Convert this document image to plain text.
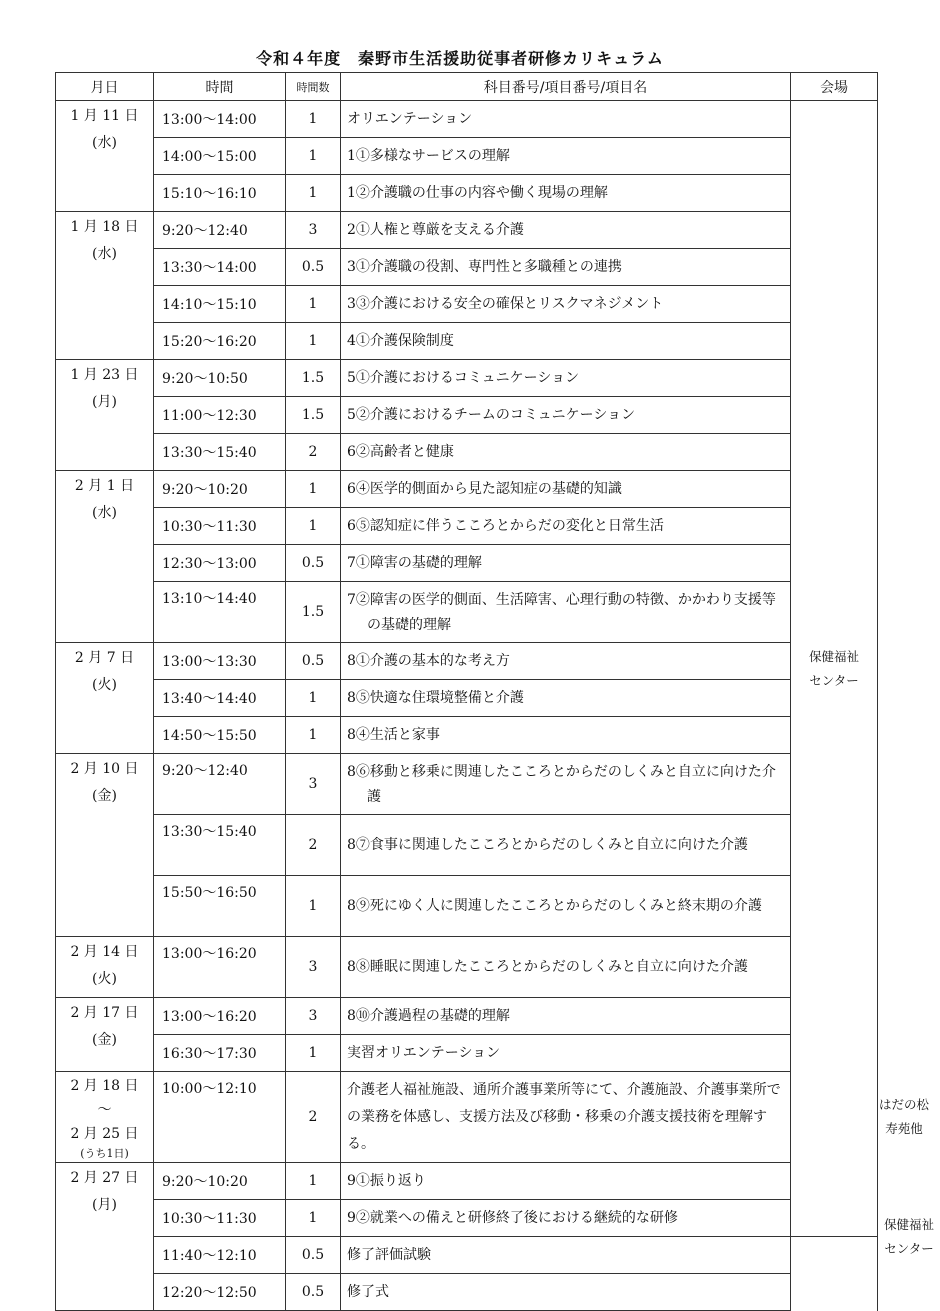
令和４年度　秦野市生活援助従事者研修カリキュラム
月日	時間	時間数	科目番号/項目番号/項目名	会場	

1 月 11 日
(水)	13:00～14:00	1	オリエンテーション	保健福祉センター	
	14:00～15:00	1	1①多様なサービスの理解		
	15:10～16:10	1	1②介護職の仕事の内容や働く現場の理解		

1 月 18 日
(水)	9:20～12:40	3	2①人権と尊厳を支える介護		
	13:30～14:00	0.5	3①介護職の役割、専門性と多職種との連携		
	14:10～15:10	1	3③介護における安全の確保とリスクマネジメント		
	15:20～16:20	1	4①介護保険制度		

1 月 23 日
(月)	9:20～10:50	1.5	5①介護におけるコミュニケーション		
	11:00～12:30	1.5	5②介護におけるチームのコミュニケーション		
	13:30～15:40	2	6②高齢者と健康		

2 月 1 日
(水)	9:20～10:20	1	6④医学的側面から見た認知症の基礎的知識		
	10:30～11:30	1	6⑤認知症に伴うこころとからだの変化と日常生活		
	12:30～13:00	0.5	7①障害の基礎的理解		
	13:10～14:40	1.5	7②障害の医学的側面、生活障害、心理行動の特徴、かかわり支援等の基礎的理解		

2 月 7 日
(火)	13:00～13:30	0.5	8①介護の基本的な考え方		
	13:40～14:40	1	8⑤快適な住環境整備と介護		
	14:50～15:50	1	8④生活と家事		

2 月 10 日
(金)	9:20～12:40	3	8⑥移動と移乗に関連したこころとからだのしくみと自立に向けた介護		
	13:30～15:40	2	8⑦食事に関連したこころとからだのしくみと自立に向けた介護		
	15:50～16:50	1	8⑨死にゆく人に関連したこころとからだのしくみと終末期の介護		

2 月 14 日
(火)	13:00～16:20	3	8⑧睡眠に関連したこころとからだのしくみと自立に向けた介護		

2 月 17 日
(金)	13:00～16:20	3	8⑩介護過程の基礎的理解		
	16:30～17:30	1	実習オリエンテーション		

2 月 18 日
～
2 月 25 日
(うち1日)	10:00～12:10	2	介護老人福祉施設、通所介護事業所等にて、介護施設、介護事業所での業務を体感し、支援方法及び移動・移乗の介護支援技術を理解する。		はだの松寿苑他

2 月 27 日
(月)	9:20～10:20	1	9①振り返り		保健福祉センター
	10:30～11:30	1	9②就業への備えと研修終了後における継続的な研修		
	11:40～12:10	0.5	修了評価試験		
	12:20～12:50	0.5	修了式		
